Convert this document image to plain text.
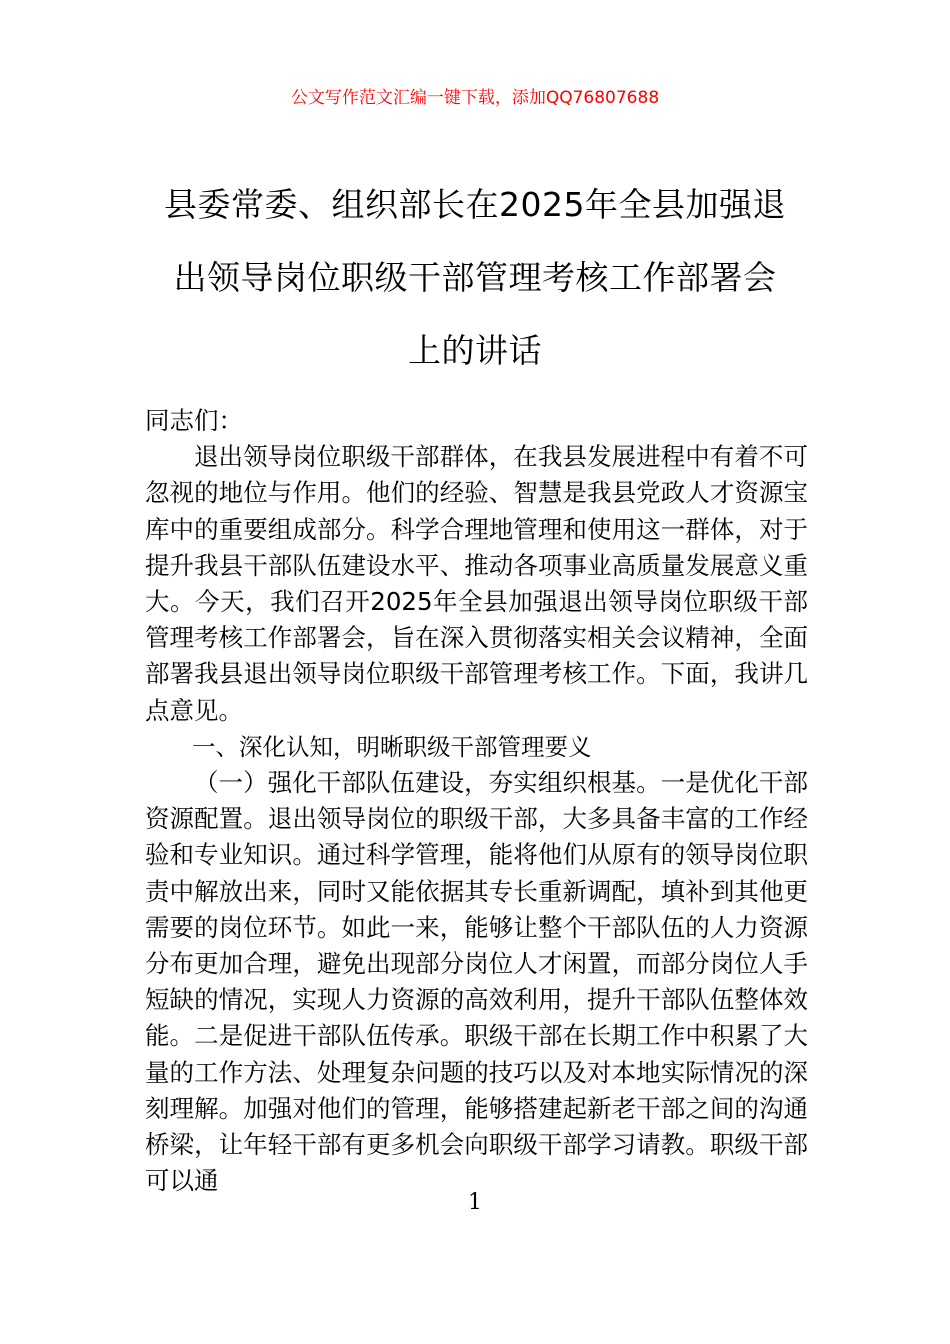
公文写作范文汇编一键下载，添加QQ76807688
县委常委、组织部长在2025年全县加强退
出领导岗位职级干部管理考核工作部署会
上的讲话

同志们：

退出领导岗位职级干部群体，在我县发展进程中有着不可忽视的地位与作用。他们的经验、智慧是我县党政人才资源宝库中的重要组成部分。科学合理地管理和使用这一群体，对于提升我县干部队伍建设水平、推动各项事业高质量发展意义重大。今天，我们召开2025年全县加强退出领导岗位职级干部管理考核工作部署会，旨在深入贯彻落实相关会议精神，全面部署我县退出领导岗位职级干部管理考核工作。下面，我讲几点意见。

一、深化认知，明晰职级干部管理要义

（一）强化干部队伍建设，夯实组织根基。一是优化干部资源配置。退出领导岗位的职级干部，大多具备丰富的工作经验和专业知识。通过科学管理，能将他们从原有的领导岗位职责中解放出来，同时又能依据其专长重新调配，填补到其他更需要的岗位环节。如此一来，能够让整个干部队伍的人力资源分布更加合理，避免出现部分岗位人才闲置，而部分岗位人手短缺的情况，实现人力资源的高效利用，提升干部队伍整体效能。二是促进干部队伍传承。职级干部在长期工作中积累了大量的工作方法、处理复杂问题的技巧以及对本地实际情况的深刻理解。加强对他们的管理，能够搭建起新老干部之间的沟通桥梁，让年轻干部有更多机会向职级干部学习请教。职级干部可以通

1
